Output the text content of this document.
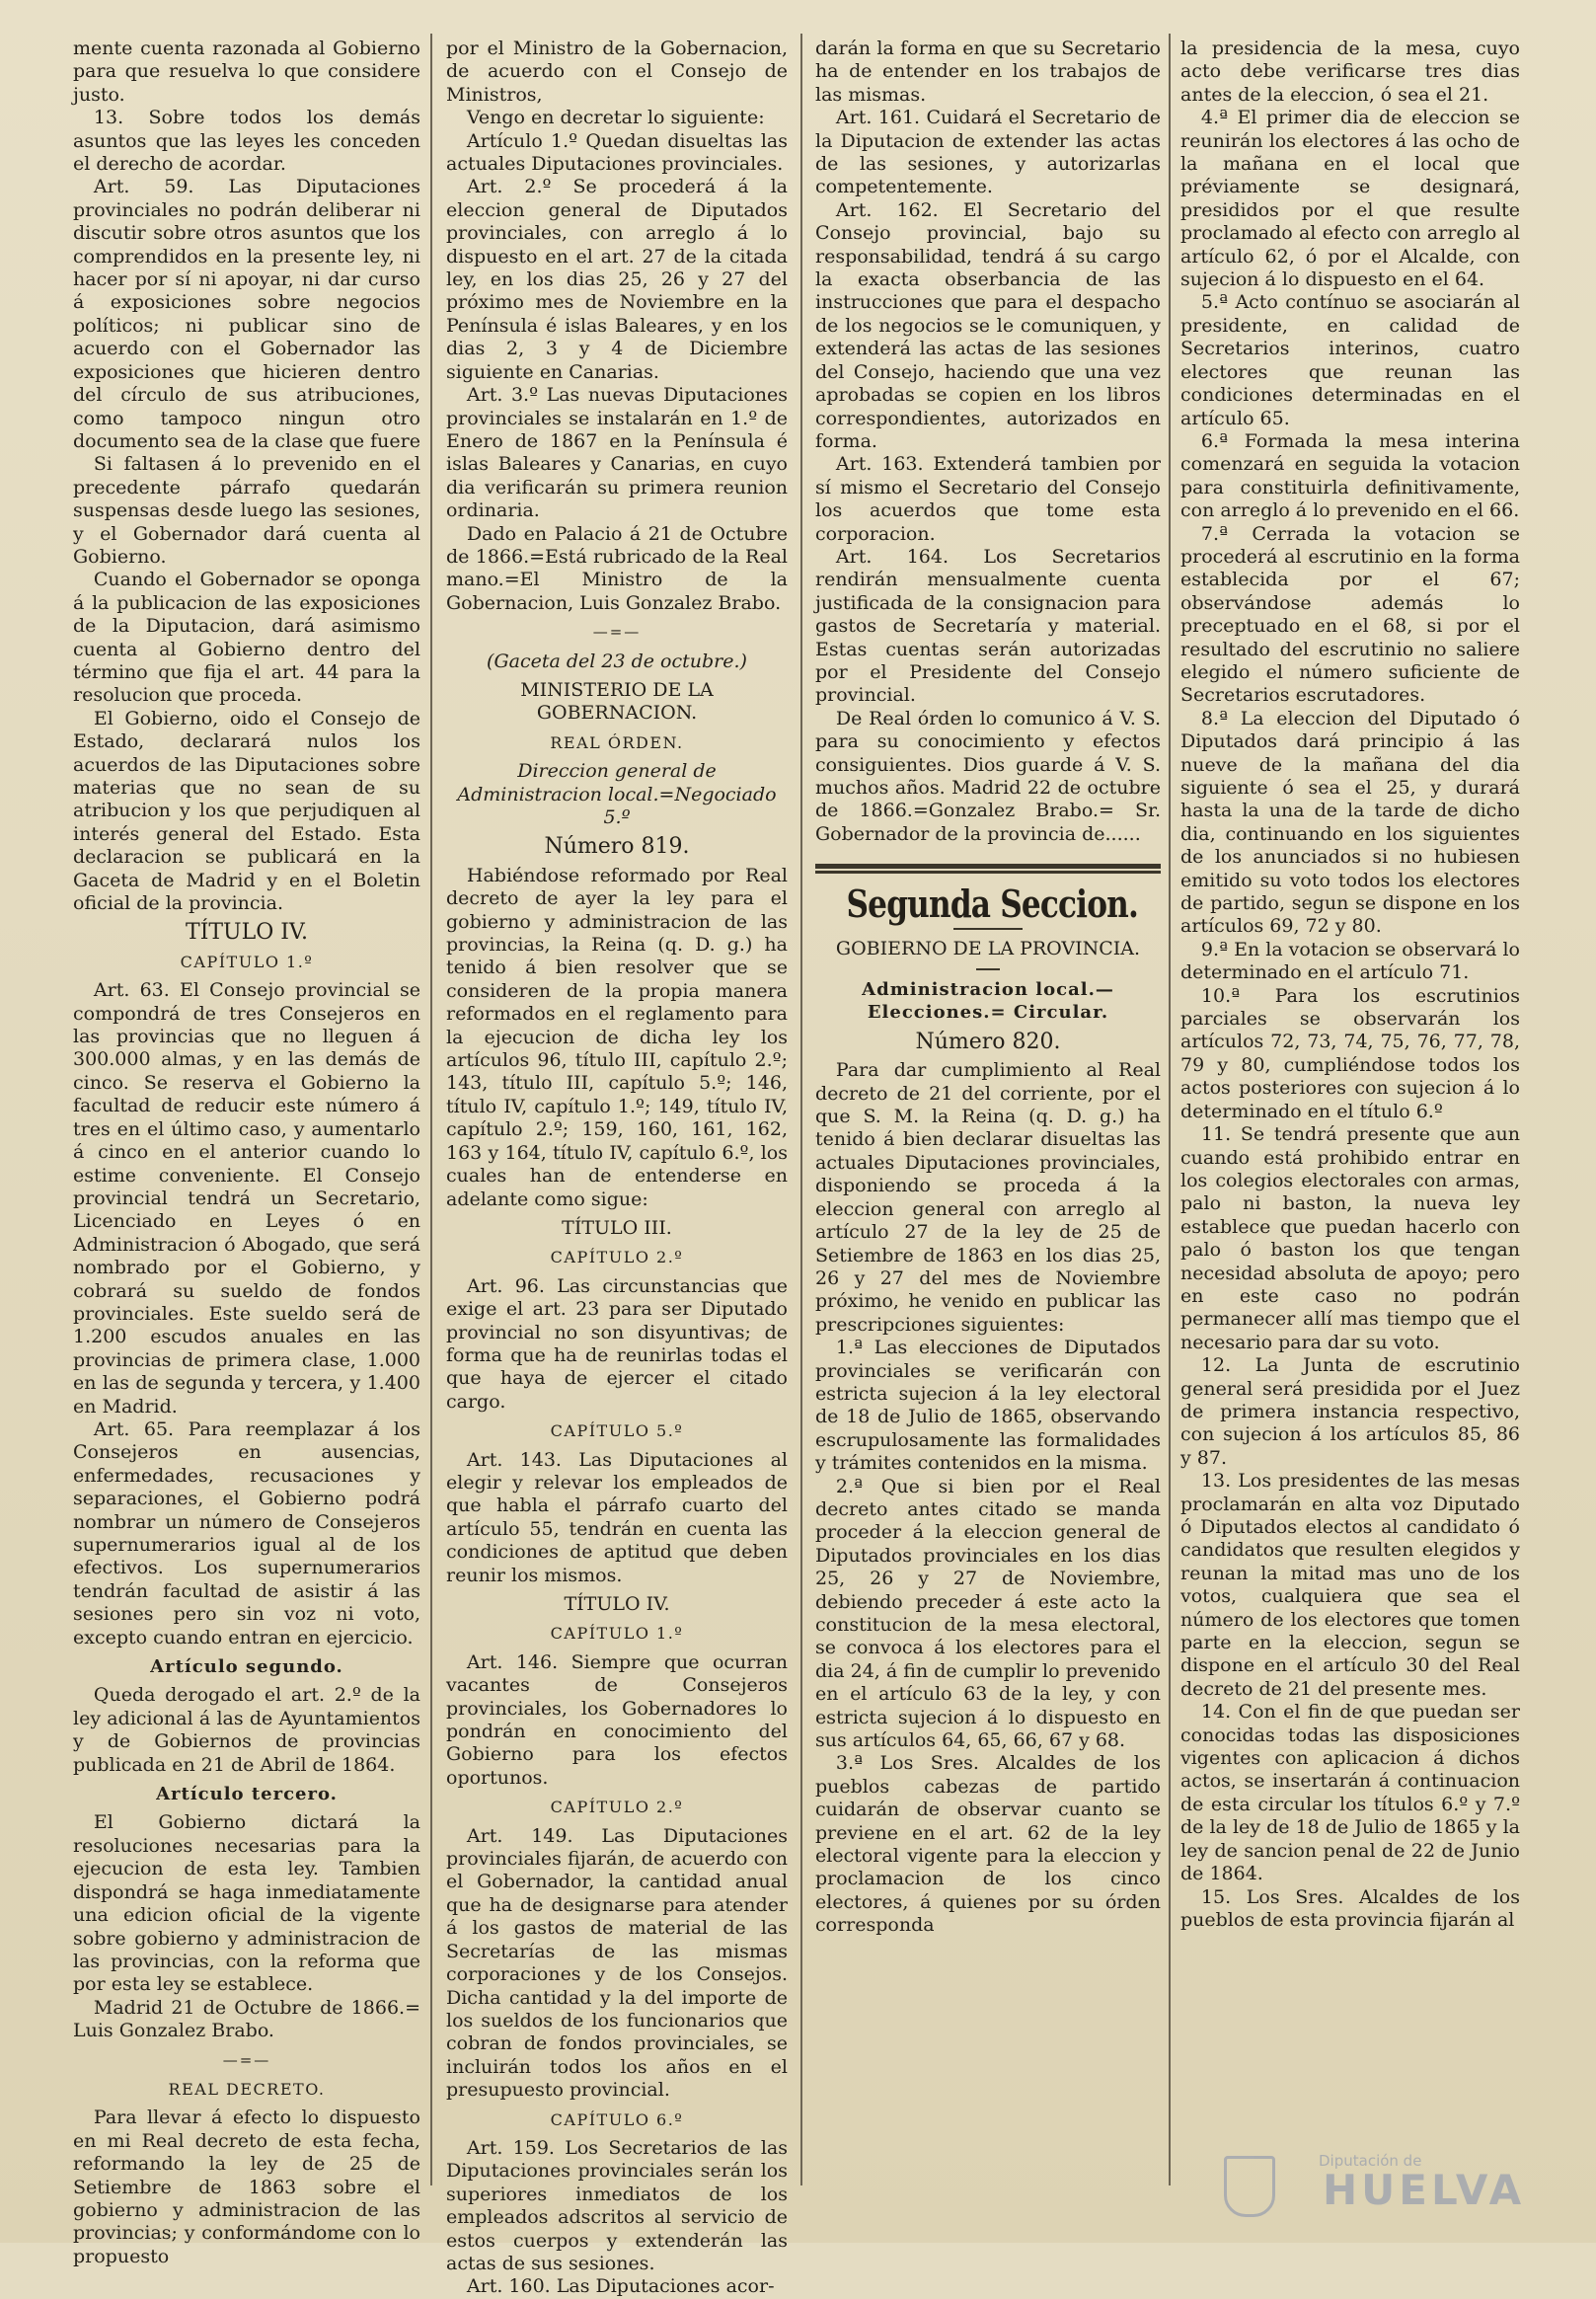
mente cuenta razonada al Gobierno para que resuelva lo que considere justo.

13. Sobre todos los demás asuntos que las leyes les conceden el derecho de acordar.

Art. 59. Las Diputaciones provinciales no podrán deliberar ni discutir sobre otros asuntos que los comprendidos en la presente ley, ni hacer por sí ni apoyar, ni dar curso á exposiciones sobre negocios políticos; ni publicar sino de acuerdo con el Gobernador las exposiciones que hicieren dentro del círculo de sus atribuciones, como tampoco ningun otro documento sea de la clase que fuere

Si faltasen á lo prevenido en el precedente párrafo quedarán suspensas desde luego las sesiones, y el Gobernador dará cuenta al Gobierno.

Cuando el Gobernador se oponga á la publicacion de las exposiciones de la Diputacion, dará asimismo cuenta al Gobierno dentro del término que fija el art. 44 para la resolucion que proceda.

El Gobierno, oido el Consejo de Estado, declarará nulos los acuerdos de las Diputaciones sobre materias que no sean de su atribucion y los que perjudiquen al interés general del Estado. Esta declaracion se publicará en la Gaceta de Madrid y en el Boletin oficial de la provincia.

TÍTULO IV.

CAPÍTULO 1.º

Art. 63. El Consejo provincial se compondrá de tres Consejeros en las provincias que no lleguen á 300.000 almas, y en las demás de cinco. Se reserva el Gobierno la facultad de reducir este número á tres en el último caso, y aumentarlo á cinco en el anterior cuando lo estime conveniente. El Consejo provincial tendrá un Secretario, Licenciado en Leyes ó en Administracion ó Abogado, que será nombrado por el Gobierno, y cobrará su sueldo de fondos provinciales. Este sueldo será de 1.200 escudos anuales en las provincias de primera clase, 1.000 en las de segunda y tercera, y 1.400 en Madrid.

Art. 65. Para reemplazar á los Consejeros en ausencias, enfermedades, recusaciones y separaciones, el Gobierno podrá nombrar un número de Consejeros supernumerarios igual al de los efectivos. Los supernumerarios tendrán facultad de asistir á las sesiones pero sin voz ni voto, excepto cuando entran en ejercicio.

Artículo segundo.

Queda derogado el art. 2.º de la ley adicional á las de Ayuntamientos y de Gobiernos de provincias publicada en 21 de Abril de 1864.

Artículo tercero.

El Gobierno dictará la resoluciones necesarias para la ejecucion de esta ley. Tambien dispondrá se haga inmediatamente una edicion oficial de la vigente sobre gobierno y administracion de las provincias, con la reforma que por esta ley se establece.

Madrid 21 de Octubre de 1866.= Luis Gonzalez Brabo.

—=—

REAL DECRETO.

Para llevar á efecto lo dispuesto en mi Real decreto de esta fecha, reformando la ley de 25 de Setiembre de 1863 sobre el gobierno y administracion de las provincias; y conformándome con lo propuesto

por el Ministro de la Gobernacion, de acuerdo con el Consejo de Ministros,

Vengo en decretar lo siguiente:

Artículo 1.º Quedan disueltas las actuales Diputaciones provinciales.

Art. 2.º Se procederá á la eleccion general de Diputados provinciales, con arreglo á lo dispuesto en el art. 27 de la citada ley, en los dias 25, 26 y 27 del próximo mes de Noviembre en la Península é islas Baleares, y en los dias 2, 3 y 4 de Diciembre siguiente en Canarias.

Art. 3.º Las nuevas Diputaciones provinciales se instalarán en 1.º de Enero de 1867 en la Península é islas Baleares y Canarias, en cuyo dia verificarán su primera reunion ordinaria.

Dado en Palacio á 21 de Octubre de 1866.=Está rubricado de la Real mano.=El Ministro de la Gobernacion, Luis Gonzalez Brabo.

—=—

(Gaceta del 23 de octubre.)

MINISTERIO DE LA GOBERNACION.

REAL ÓRDEN.

Direccion general de Administracion local.=Negociado 5.º

Número 819.

Habiéndose reformado por Real decreto de ayer la ley para el gobierno y administracion de las provincias, la Reina (q. D. g.) ha tenido á bien resolver que se consideren de la propia manera reformados en el reglamento para la ejecucion de dicha ley los artículos 96, título III, capítulo 2.º; 143, título III, capítulo 5.º; 146, título IV, capítulo 1.º; 149, título IV, capítulo 2.º; 159, 160, 161, 162, 163 y 164, título IV, capítulo 6.º, los cuales han de entenderse en adelante como sigue:

TÍTULO III.

CAPÍTULO 2.º

Art. 96. Las circunstancias que exige el art. 23 para ser Diputado provincial no son disyuntivas; de forma que ha de reunirlas todas el que haya de ejercer el citado cargo.

CAPÍTULO 5.º

Art. 143. Las Diputaciones al elegir y relevar los empleados de que habla el párrafo cuarto del artículo 55, tendrán en cuenta las condiciones de aptitud que deben reunir los mismos.

TÍTULO IV.

CAPÍTULO 1.º

Art. 146. Siempre que ocurran vacantes de Consejeros provinciales, los Gobernadores lo pondrán en conocimiento del Gobierno para los efectos oportunos.

CAPÍTULO 2.º

Art. 149. Las Diputaciones provinciales fijarán, de acuerdo con el Gobernador, la cantidad anual que ha de designarse para atender á los gastos de material de las Secretarías de las mismas corporaciones y de los Consejos. Dicha cantidad y la del importe de los sueldos de los funcionarios que cobran de fondos provinciales, se incluirán todos los años en el presupuesto provincial.

CAPÍTULO 6.º

Art. 159. Los Secretarios de las Diputaciones provinciales serán los superiores inmediatos de los empleados adscritos al servicio de estos cuerpos y extenderán las actas de sus sesiones.

Art. 160. Las Diputaciones acor-

darán la forma en que su Secretario ha de entender en los trabajos de las mismas.

Art. 161. Cuidará el Secretario de la Diputacion de extender las actas de las sesiones, y autorizarlas competentemente.

Art. 162. El Secretario del Consejo provincial, bajo su responsabilidad, tendrá á su cargo la exacta obserbancia de las instrucciones que para el despacho de los negocios se le comuniquen, y extenderá las actas de las sesiones del Consejo, haciendo que una vez aprobadas se copien en los libros correspondientes, autorizados en forma.

Art. 163. Extenderá tambien por sí mismo el Secretario del Consejo los acuerdos que tome esta corporacion.

Art. 164. Los Secretarios rendirán mensualmente cuenta justificada de la consignacion para gastos de Secretaría y material. Estas cuentas serán autorizadas por el Presidente del Consejo provincial.

De Real órden lo comunico á V. S. para su conocimiento y efectos consiguientes. Dios guarde á V. S. muchos años. Madrid 22 de octubre de 1866.=Gonzalez Brabo.= Sr. Gobernador de la provincia de......

Segunda Seccion.

GOBIERNO DE LA PROVINCIA.

Administracion local.—Elecciones.= Circular.

Número 820.

Para dar cumplimiento al Real decreto de 21 del corriente, por el que S. M. la Reina (q. D. g.) ha tenido á bien declarar disueltas las actuales Diputaciones provinciales, disponiendo se proceda á la eleccion general con arreglo al artículo 27 de la ley de 25 de Setiembre de 1863 en los dias 25, 26 y 27 del mes de Noviembre próximo, he venido en publicar las prescripciones siguientes:

1.ª Las elecciones de Diputados provinciales se verificarán con estricta sujecion á la ley electoral de 18 de Julio de 1865, observando escrupulosamente las formalidades y trámites contenidos en la misma.

2.ª Que si bien por el Real decreto antes citado se manda proceder á la eleccion general de Diputados provinciales en los dias 25, 26 y 27 de Noviembre, debiendo preceder á este acto la constitucion de la mesa electoral, se convoca á los electores para el dia 24, á fin de cumplir lo prevenido en el artículo 63 de la ley, y con estricta sujecion á lo dispuesto en sus artículos 64, 65, 66, 67 y 68.

3.ª Los Sres. Alcaldes de los pueblos cabezas de partido cuidarán de observar cuanto se previene en el art. 62 de la ley electoral vigente para la eleccion y proclamacion de los cinco electores, á quienes por su órden corresponda

la presidencia de la mesa, cuyo acto debe verificarse tres dias antes de la eleccion, ó sea el 21.

4.ª El primer dia de eleccion se reunirán los electores á las ocho de la mañana en el local que préviamente se designará, presididos por el que resulte proclamado al efecto con arreglo al artículo 62, ó por el Alcalde, con sujecion á lo dispuesto en el 64.

5.ª Acto contínuo se asociarán al presidente, en calidad de Secretarios interinos, cuatro electores que reunan las condiciones determinadas en el artículo 65.

6.ª Formada la mesa interina comenzará en seguida la votacion para constituirla definitivamente, con arreglo á lo prevenido en el 66.

7.ª Cerrada la votacion se procederá al escrutinio en la forma establecida por el 67; observándose además lo preceptuado en el 68, si por el resultado del escrutinio no saliere elegido el número suficiente de Secretarios escrutadores.

8.ª La eleccion del Diputado ó Diputados dará principio á las nueve de la mañana del dia siguiente ó sea el 25, y durará hasta la una de la tarde de dicho dia, continuando en los siguientes de los anunciados si no hubiesen emitido su voto todos los electores de partido, segun se dispone en los artículos 69, 72 y 80.

9.ª En la votacion se observará lo determinado en el artículo 71.

10.ª Para los escrutinios parciales se observarán los artículos 72, 73, 74, 75, 76, 77, 78, 79 y 80, cumpliéndose todos los actos posteriores con sujecion á lo determinado en el título 6.º

11. Se tendrá presente que aun cuando está prohibido entrar en los colegios electorales con armas, palo ni baston, la nueva ley establece que puedan hacerlo con palo ó baston los que tengan necesidad absoluta de apoyo; pero en este caso no podrán permanecer allí mas tiempo que el necesario para dar su voto.

12. La Junta de escrutinio general será presidida por el Juez de primera instancia respectivo, con sujecion á los artículos 85, 86 y 87.

13. Los presidentes de las mesas proclamarán en alta voz Diputado ó Diputados electos al candidato ó candidatos que resulten elegidos y reunan la mitad mas uno de los votos, cualquiera que sea el número de los electores que tomen parte en la eleccion, segun se dispone en el artículo 30 del Real decreto de 21 del presente mes.

14. Con el fin de que puedan ser conocidas todas las disposiciones vigentes con aplicacion á dichos actos, se insertarán á continuacion de esta circular los títulos 6.º y 7.º de la ley de 18 de Julio de 1865 y la ley de sancion penal de 22 de Junio de 1864.

15. Los Sres. Alcaldes de los pueblos de esta provincia fijarán al

Diputación de
HUELVA
